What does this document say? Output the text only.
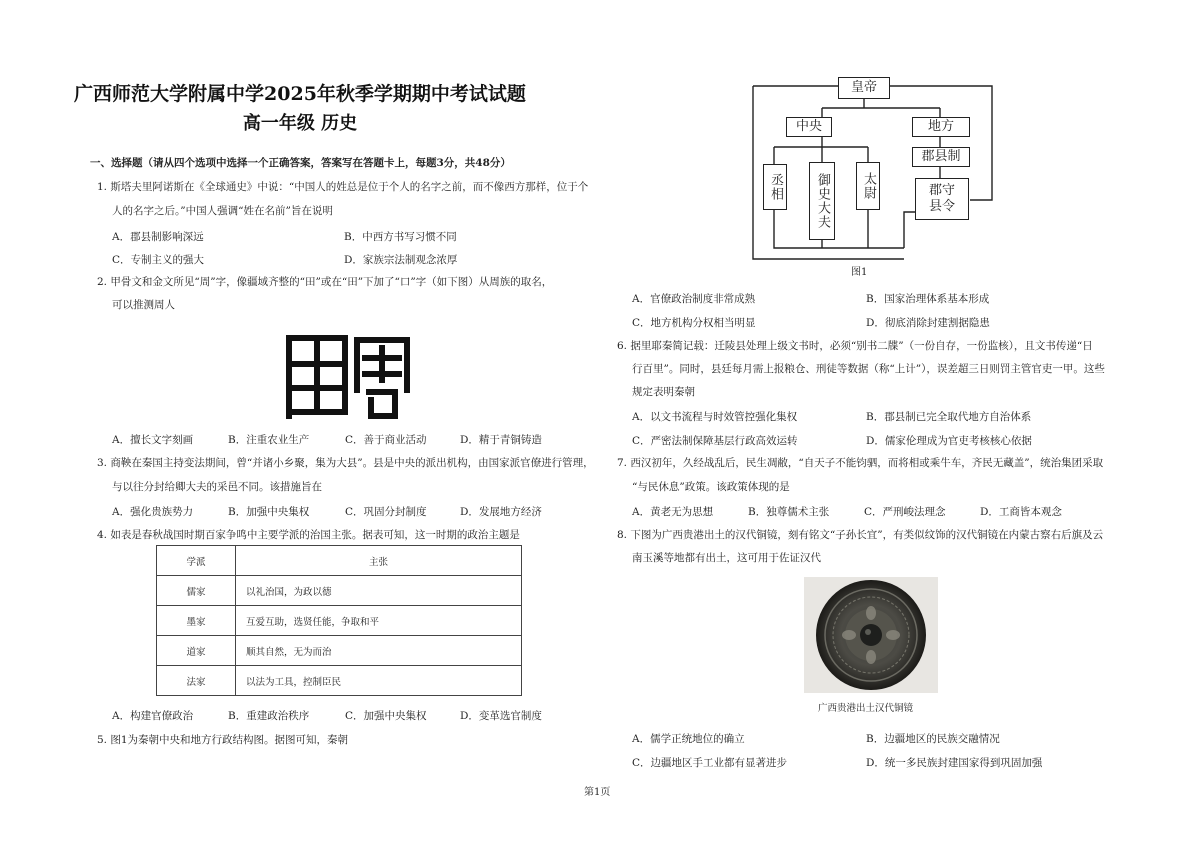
广西师范大学附属中学2025年秋季学期期中考试试题
高一年级 历史
一、选择题（请从四个选项中选择一个正确答案，答案写在答题卡上，每题3分，共48分）
1. 斯塔夫里阿诺斯在《全球通史》中说：“中国人的姓总是位于个人的名字之前，而不像西方那样，位于个
人的名字之后。”中国人强调“姓在名前”旨在说明
A．郡县制影响深远	B．中西方书写习惯不同
C．专制主义的强大	D．家族宗法制观念浓厚
2. 甲骨文和金文所见“周”字，像疆域齐整的“田”或在“田”下加了“口”字（如下图）从周族的取名，
可以推测周人
A．擅长文字刻画	B．注重农业生产	C．善于商业活动	D．精于青铜铸造
3. 商鞅在秦国主持变法期间，曾“并诸小乡聚，集为大县”。县是中央的派出机构，由国家派官僚进行管理，
与以往分封给卿大夫的采邑不同。该措施旨在
A．强化贵族势力	B．加强中央集权	C．巩固分封制度	D．发展地方经济
4. 如表是春秋战国时期百家争鸣中主要学派的治国主张。据表可知，这一时期的政治主题是
学派	主张
儒家	以礼治国，为政以德
墨家	互爱互助，选贤任能，争取和平
道家	顺其自然，无为而治
法家	以法为工具，控制臣民
A．构建官僚政治	B．重建政治秩序	C．加强中央集权	D．变革选官制度
5. 图1为秦朝中央和地方行政结构图。据图可知，秦朝
皇帝
中央	地方
郡县制
丞相	御史大夫	太尉	郡守县令
图1
A．官僚政治制度非常成熟	B．国家治理体系基本形成
C．地方机构分权相当明显	D．彻底消除封建割据隐患
6. 据里耶秦简记载：迁陵县处理上级文书时，必须“别书二牒”（一份自存，一份监核），且文书传递“日
行百里”。同时，县廷每月需上报粮仓、刑徒等数据（称“上计”），误差超三日则罚主管官吏一甲。这些
规定表明秦朝
A．以文书流程与时效管控强化集权	B．郡县制已完全取代地方自治体系
C．严密法制保障基层行政高效运转	D．儒家伦理成为官吏考核核心依据
7. 西汉初年，久经战乱后，民生凋敝，“自天子不能钧驷，而将相或乘牛车，齐民无藏盖”，统治集团采取
“与民休息”政策。该政策体现的是
A．黄老无为思想	B．独尊儒术主张	C．严刑峻法理念	D．工商皆本观念
8. 下图为广西贵港出土的汉代铜镜，刻有铭文“子孙长宜”，有类似纹饰的汉代铜镜在内蒙古察右后旗及云
南玉溪等地都有出土，这可用于佐证汉代
广西贵港出土汉代铜镜
A．儒学正统地位的确立	B．边疆地区的民族交融情况
C．边疆地区手工业都有显著进步	D．统一多民族封建国家得到巩固加强
第1页
